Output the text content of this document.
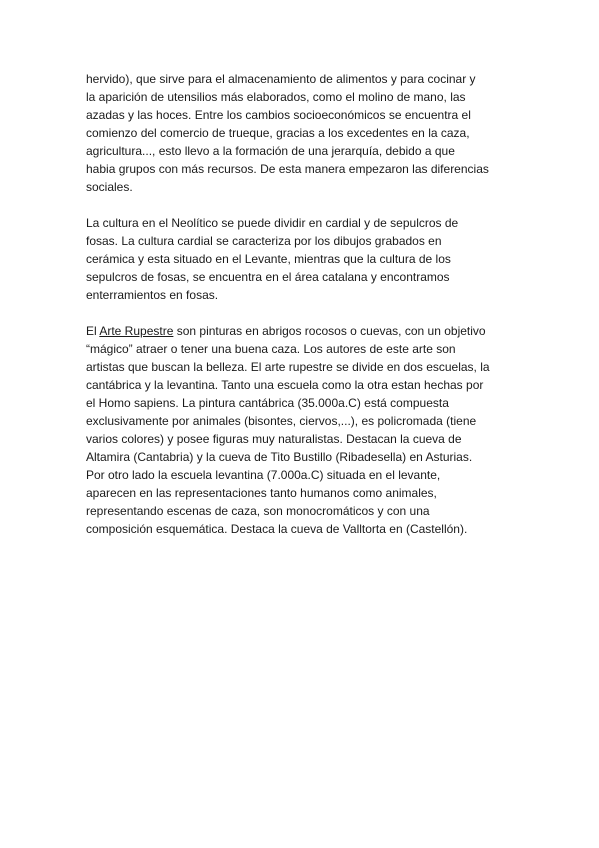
hervido), que sirve para el almacenamiento de alimentos y para cocinar y
la aparición de utensilios más elaborados, como el molino de mano, las
azadas y las hoces. Entre los cambios socioeconómicos se encuentra el
comienzo del comercio de trueque, gracias a los excedentes en la caza,
agricultura..., esto llevo a la formación de una jerarquía, debido a que
habia grupos con más recursos. De esta manera empezaron las diferencias
sociales.
La cultura en el Neolítico se puede dividir en cardial y de sepulcros de
fosas. La cultura cardial se caracteriza por los dibujos grabados en
cerámica y esta situado en el Levante, mientras que la cultura de los
sepulcros de fosas, se encuentra en el área catalana y encontramos
enterramientos en fosas.
El Arte Rupestre son pinturas en abrigos rocosos o cuevas, con un objetivo
“mágico” atraer o tener una buena caza. Los autores de este arte son
artistas que buscan la belleza. El arte rupestre se divide en dos escuelas, la
cantábrica y la levantina. Tanto una escuela como la otra estan hechas por
el Homo sapiens. La pintura cantábrica (35.000a.C) está compuesta
exclusivamente por animales (bisontes, ciervos,...), es policromada (tiene
varios colores) y posee figuras muy naturalistas. Destacan la cueva de
Altamira (Cantabria) y la cueva de Tito Bustillo (Ribadesella) en Asturias.
Por otro lado la escuela levantina (7.000a.C) situada en el levante,
aparecen en las representaciones tanto humanos como animales,
representando escenas de caza, son monocromáticos y con una
composición esquemática. Destaca la cueva de Valltorta en (Castellón).
